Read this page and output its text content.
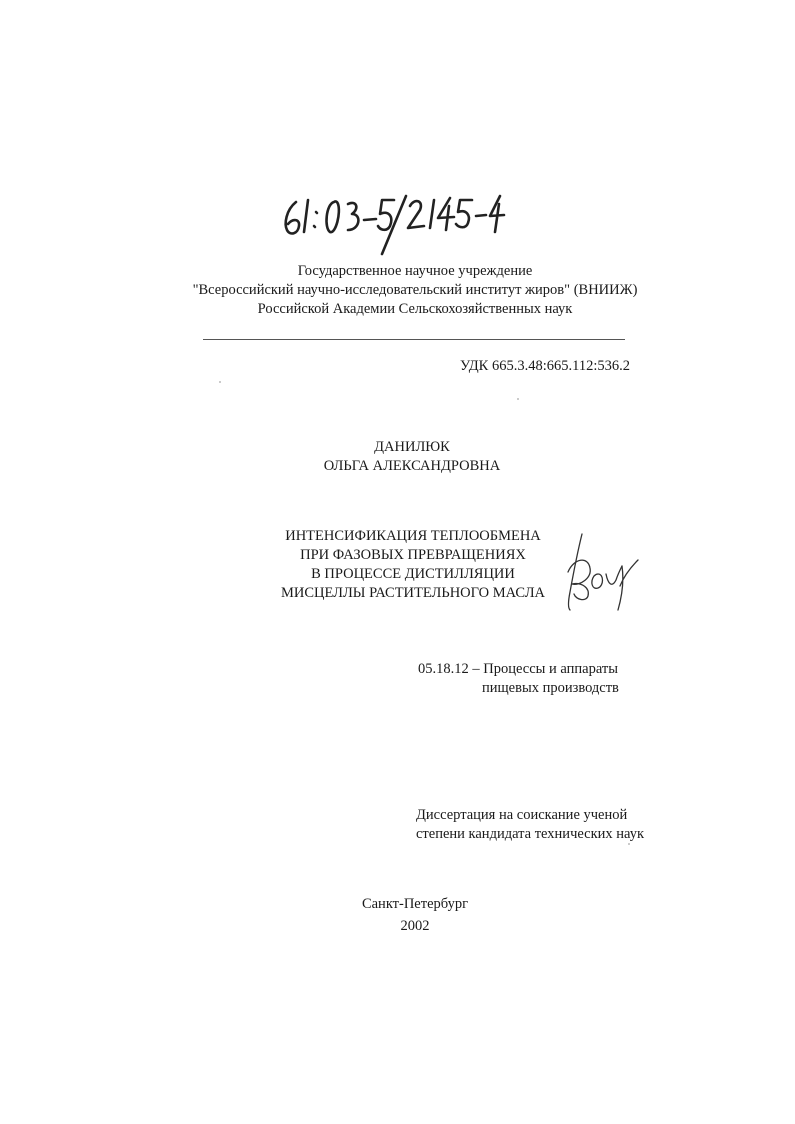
Государственное научное учреждение
"Всероссийский научно-исследовательский институт жиров" (ВНИИЖ)
Российской Академии Сельскохозяйственных наук
УДК 665.3.48:665.112:536.2
ДАНИЛЮК
ОЛЬГА АЛЕКСАНДРОВНА
ИНТЕНСИФИКАЦИЯ ТЕПЛООБМЕНА
ПРИ ФАЗОВЫХ ПРЕВРАЩЕНИЯХ
В ПРОЦЕССЕ ДИСТИЛЛЯЦИИ
МИСЦЕЛЛЫ РАСТИТЕЛЬНОГО МАСЛА
05.18.12 – Процессы и аппараты
пищевых производств
Диссертация на соискание ученой
степени кандидата технических наук
Санкт-Петербург
2002
